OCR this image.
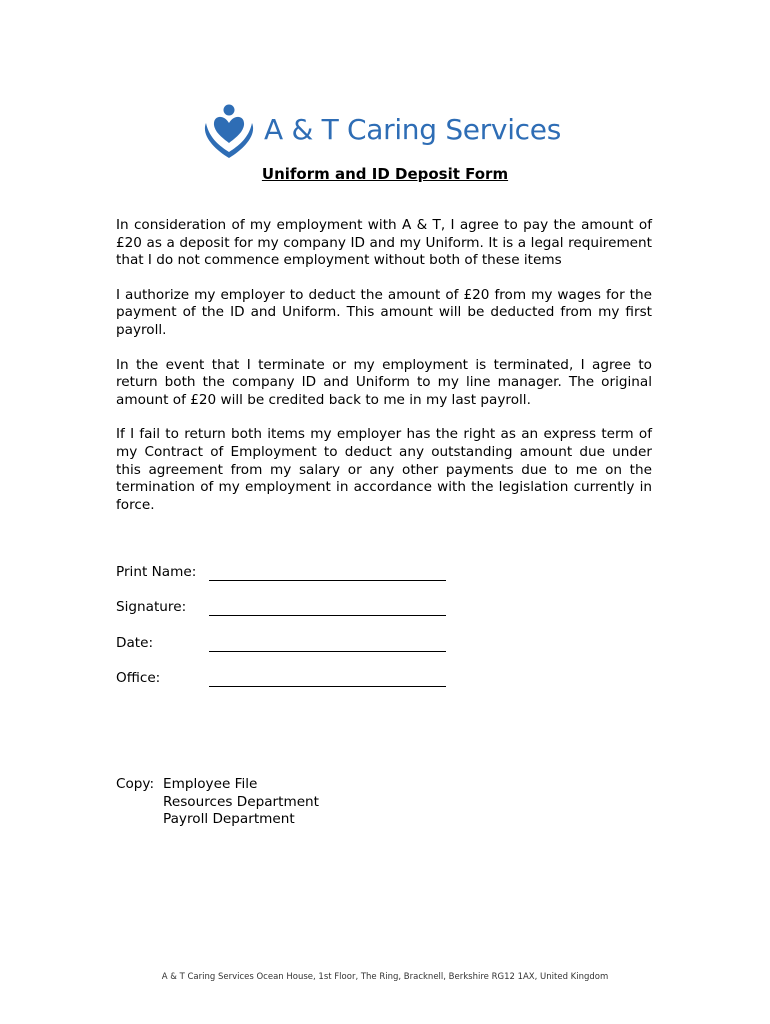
A & T Caring Services
Uniform and ID Deposit Form

In consideration of my employment with A & T, I agree to pay the amount of £20 as a deposit for my company ID and my Uniform. It is a legal requirement that I do not commence employment without both of these items

I authorize my employer to deduct the amount of £20 from my wages for the payment of the ID and Uniform. This amount will be deducted from my first payroll.

In the event that I terminate or my employment is terminated, I agree to return both the company ID and Uniform to my line manager. The original amount of £20 will be credited back to me in my last payroll.

If I fail to return both items my employer has the right as an express term of my Contract of Employment to deduct any outstanding amount due under this agreement from my salary or any other payments due to me on the termination of my employment in accordance with the legislation currently in force.

Print Name:
Signature:
Date:
Office:
Copy: Employee File
Resources Department
Payroll Department
A & T Caring Services Ocean House, 1st Floor, The Ring, Bracknell, Berkshire RG12 1AX, United Kingdom
